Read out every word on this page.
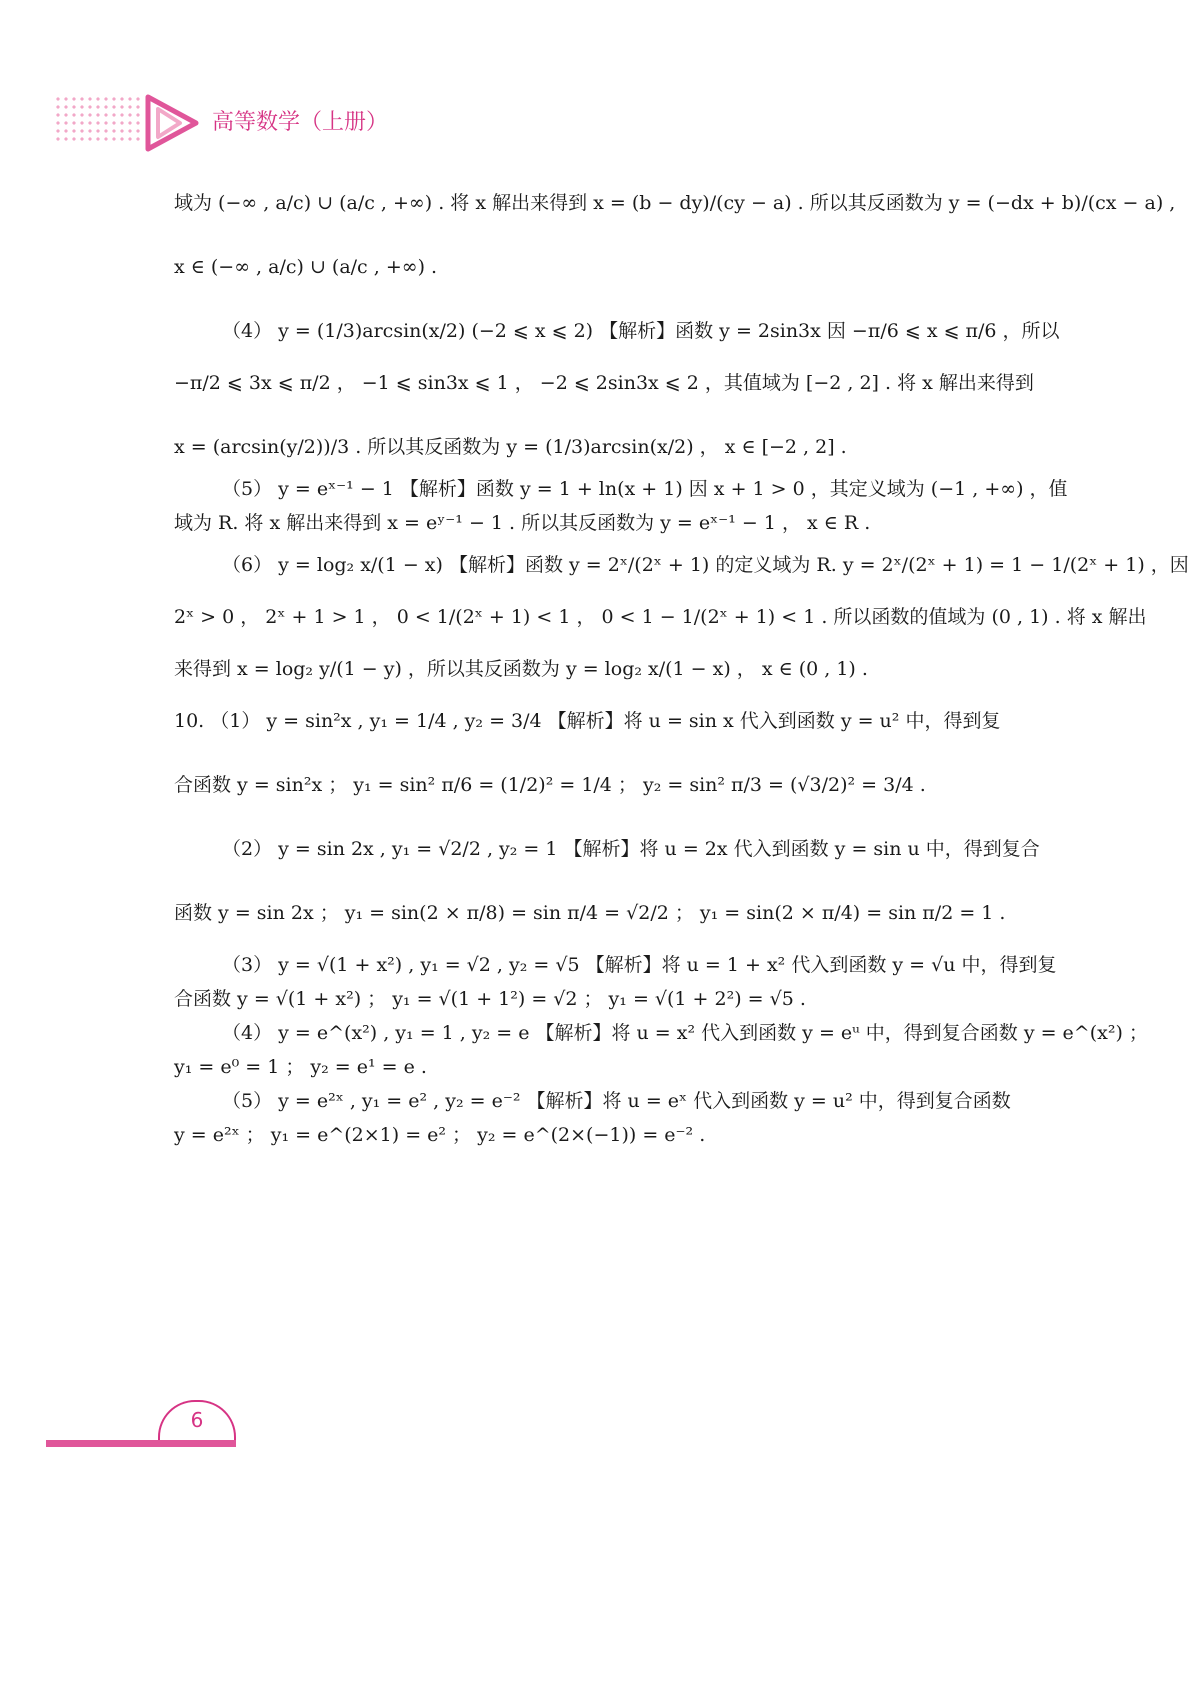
高等数学（上册）
域为 (−∞ , a/c) ∪ (a/c , +∞) . 将 x 解出来得到 x = (b − dy)/(cy − a) . 所以其反函数为 y = (−dx + b)/(cx − a) ,
x ∈ (−∞ , a/c) ∪ (a/c , +∞) .
（4） y = (1/3)arcsin(x/2) (−2 ⩽ x ⩽ 2) 【解析】函数 y = 2sin3x 因 −π/6 ⩽ x ⩽ π/6 ，所以
−π/2 ⩽ 3x ⩽ π/2 ， −1 ⩽ sin3x ⩽ 1 ， −2 ⩽ 2sin3x ⩽ 2 ，其值域为 [−2 , 2] . 将 x 解出来得到
x = (arcsin(y/2))/3 . 所以其反函数为 y = (1/3)arcsin(x/2) ， x ∈ [−2 , 2] .
（5） y = eˣ⁻¹ − 1 【解析】函数 y = 1 + ln(x + 1) 因 x + 1 > 0 ，其定义域为 (−1 , +∞) ，值
域为 R. 将 x 解出来得到 x = eʸ⁻¹ − 1 . 所以其反函数为 y = eˣ⁻¹ − 1 ， x ∈ R .
（6） y = log₂ x/(1 − x) 【解析】函数 y = 2ˣ/(2ˣ + 1) 的定义域为 R. y = 2ˣ/(2ˣ + 1) = 1 − 1/(2ˣ + 1) ，因
2ˣ > 0 ， 2ˣ + 1 > 1 ， 0 < 1/(2ˣ + 1) < 1 ， 0 < 1 − 1/(2ˣ + 1) < 1 . 所以函数的值域为 (0 , 1) . 将 x 解出
来得到 x = log₂ y/(1 − y) ，所以其反函数为 y = log₂ x/(1 − x) ， x ∈ (0 , 1) .
10. （1） y = sin²x , y₁ = 1/4 , y₂ = 3/4 【解析】将 u = sin x 代入到函数 y = u² 中，得到复
合函数 y = sin²x ； y₁ = sin² π/6 = (1/2)² = 1/4 ； y₂ = sin² π/3 = (√3/2)² = 3/4 .
（2） y = sin 2x , y₁ = √2/2 , y₂ = 1 【解析】将 u = 2x 代入到函数 y = sin u 中，得到复合
函数 y = sin 2x ； y₁ = sin(2 × π/8) = sin π/4 = √2/2 ； y₁ = sin(2 × π/4) = sin π/2 = 1 .
（3） y = √(1 + x²) , y₁ = √2 , y₂ = √5 【解析】将 u = 1 + x² 代入到函数 y = √u 中，得到复
合函数 y = √(1 + x²) ； y₁ = √(1 + 1²) = √2 ； y₁ = √(1 + 2²) = √5 .
（4） y = e^(x²) , y₁ = 1 , y₂ = e 【解析】将 u = x² 代入到函数 y = eᵘ 中，得到复合函数 y = e^(x²) ；
y₁ = e⁰ = 1 ； y₂ = e¹ = e .
（5） y = e²ˣ , y₁ = e² , y₂ = e⁻² 【解析】将 u = eˣ 代入到函数 y = u² 中，得到复合函数
y = e²ˣ ； y₁ = e^(2×1) = e² ； y₂ = e^(2×(−1)) = e⁻² .
6
